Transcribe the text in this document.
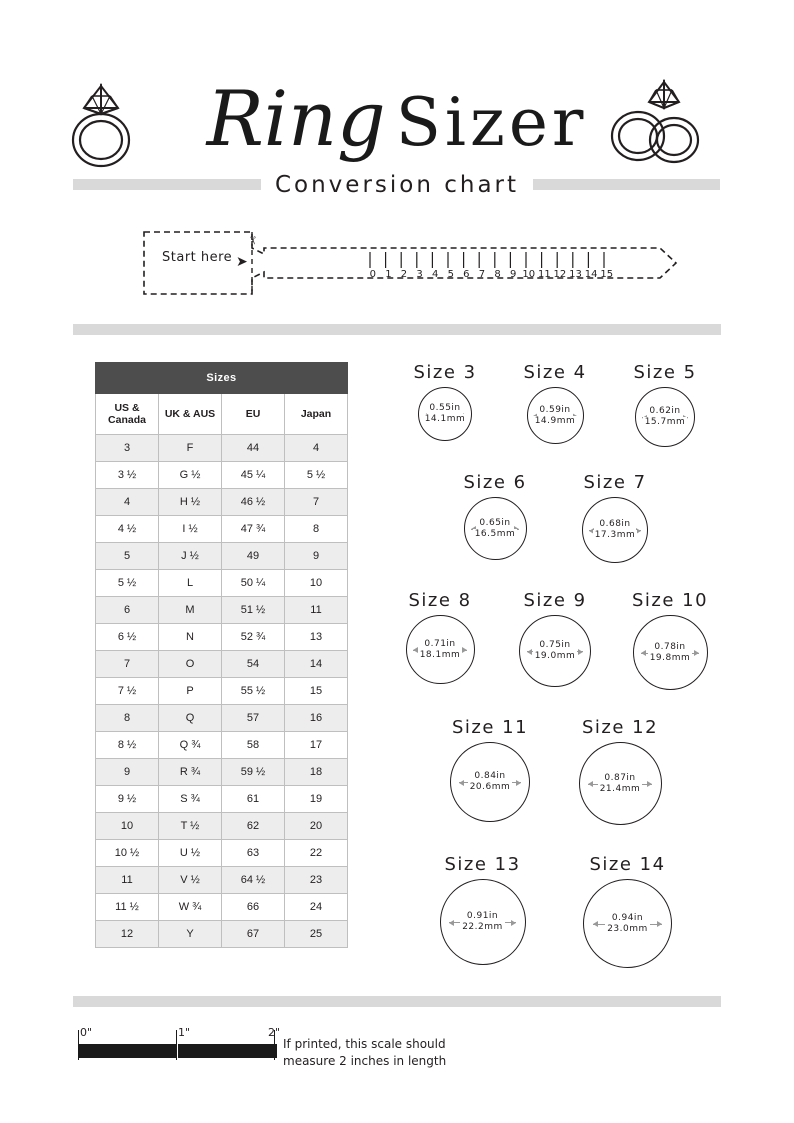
Ring Sizer
Conversion chart
Start here ➤
✂
0 1 2 3 4 5 6 7 8 9 10 11 12 13 14 15
Sizes			
US & Canada	UK & AUS	EU	Japan
3	F	44	4
3 ½	G ½	45 ¼	5 ½
4	H ½	46 ½	7
4 ½	I ½	47 ¾	8
5	J ½	49	9
5 ½	L	50 ¼	10
6	M	51 ½	11
6 ½	N	52 ¾	13
7	O	54	14
7 ½	P	55 ½	15
8	Q	57	16
8 ½	Q ¾	58	17
9	R ¾	59 ½	18
9 ½	S ¾	61	19
10	T ½	62	20
10 ½	U ½	63	22
11	V ½	64 ½	23
11 ½	W ¾	66	24
12	Y	67	25
Size 3
0.55in
14.1mm
Size 4
0.59in
14.9mm
Size 5
0.62in
15.7mm
Size 6
0.65in
16.5mm
Size 7
0.68in
17.3mm
Size 8
0.71in
18.1mm
Size 9
0.75in
19.0mm
Size 10
0.78in
19.8mm
Size 11
0.84in
20.6mm
Size 12
0.87in
21.4mm
Size 13
0.91in
22.2mm
Size 14
0.94in
23.0mm
0"	1"	2"
If printed, this scale should
measure 2 inches in length
